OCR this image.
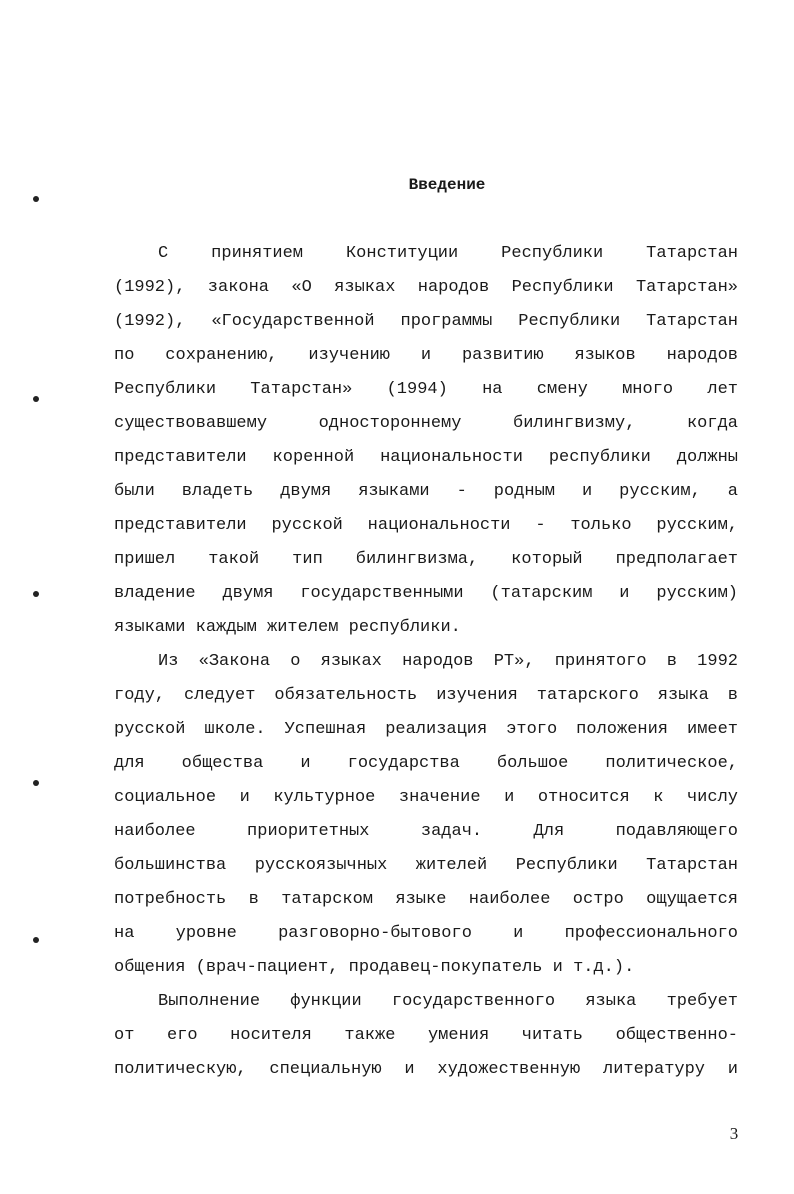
Введение
С принятием Конституции Республики Татарстан
(1992), закона «О языках народов Республики Татарстан»
(1992), «Государственной программы Республики Татарстан
по сохранению, изучению и развитию языков народов
Республики Татарстан» (1994) на смену много лет
существовавшему одностороннему билингвизму, когда
представители коренной национальности республики должны
были владеть двумя языками - родным и русским, а
представители русской национальности - только русским,
пришел такой тип билингвизма, который предполагает
владение двумя государственными (татарским и русским)
языками каждым жителем республики.
Из «Закона о языках народов РТ», принятого в 1992
году, следует обязательность изучения татарского языка в
русской школе. Успешная реализация этого положения имеет
для общества и государства большое политическое,
социальное и культурное значение и относится к числу
наиболее приоритетных задач. Для подавляющего
большинства русскоязычных жителей Республики Татарстан
потребность в татарском языке наиболее остро ощущается
на уровне разговорно-бытового и профессионального
общения (врач-пациент, продавец-покупатель и т.д.).
Выполнение функции государственного языка требует
от его носителя также умения читать общественно-
политическую, специальную и художественную литературу и
3
